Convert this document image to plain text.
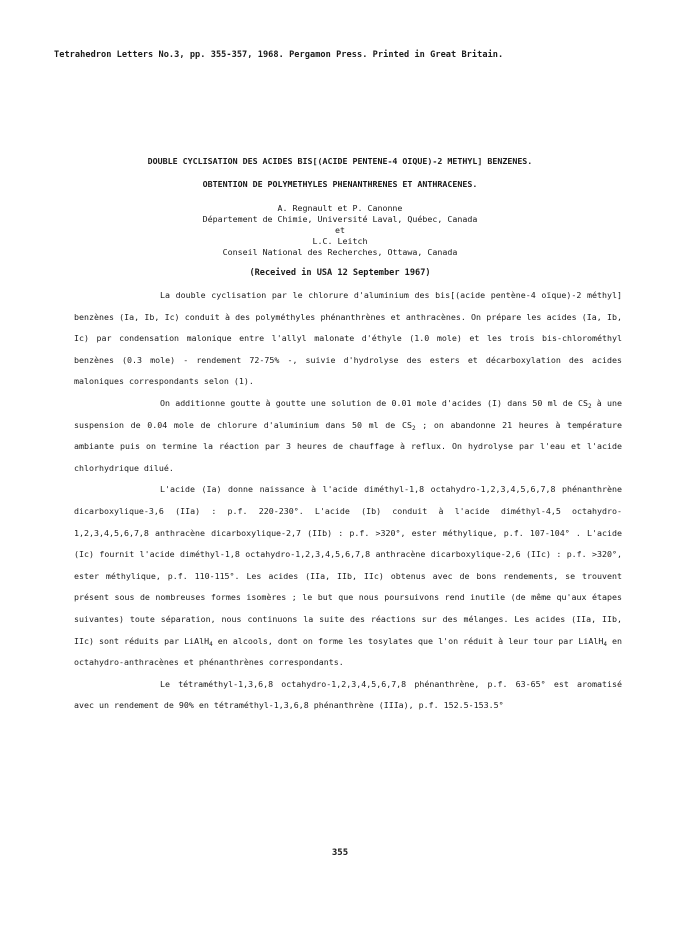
Tetrahedron Letters No.3, pp. 355-357, 1968. Pergamon Press. Printed in Great Britain.
DOUBLE CYCLISATION DES ACIDES BIS[(ACIDE PENTENE-4 OIQUE)-2 METHYL] BENZENES.
OBTENTION DE POLYMETHYLES PHENANTHRENES ET ANTHRACENES.
A. Regnault et P. Canonne
Département de Chimie, Université Laval, Québec, Canada
et
L.C. Leitch
Conseil National des Recherches, Ottawa, Canada
(Received in USA 12 September 1967)

La double cyclisation par le chlorure d'aluminium des bis[(acide pentène-4 oïque)-2 méthyl] benzènes (Ia, Ib, Ic) conduit à des polyméthyles phénanthrènes et anthracènes. On prépare les acides (Ia, Ib, Ic) par condensation malonique entre l'allyl malonate d'éthyle (1.0 mole) et les trois bis-chlorométhyl benzènes (0.3 mole) - rendement 72-75% -, suivie d'hydrolyse des esters et décarboxylation des acides maloniques correspondants selon (1).

On additionne goutte à goutte une solution de 0.01 mole d'acides (I) dans 50 ml de $CS_2$ à une suspension de 0.04 mole de chlorure d'aluminium dans 50 ml de $CS_2$ ; on abandonne 21 heures à température ambiante puis on termine la réaction par 3 heures de chauffage à reflux. On hydrolyse par l'eau et l'acide chlorhydrique dilué.

L'acide (Ia) donne naissance à l'acide diméthyl-1,8 octahydro-1,2,3,4,5,6,7,8 phénanthrène dicarboxylique-3,6 (IIa) : p.f. 220-230°. L'acide (Ib) conduit à l'acide diméthyl-4,5 octahydro-1,2,3,4,5,6,7,8 anthracène dicarboxylique-2,7 (IIb) : p.f. >320°, ester méthylique, p.f. 107-104° . L'acide (Ic) fournit l'acide diméthyl-1,8 octahydro-1,2,3,4,5,6,7,8 anthracène dicarboxylique-2,6 (IIc) : p.f. >320°, ester méthylique, p.f. 110-115°. Les acides (IIa, IIb, IIc) obtenus avec de bons rendements, se trouvent présent sous de nombreuses formes isomères ; le but que nous poursuivons rend inutile (de même qu'aux étapes suivantes) toute séparation, nous continuons la suite des réactions sur des mélanges. Les acides (IIa, IIb, IIc) sont réduits par LiAlH$_4$ en alcools, dont on forme les tosylates que l'on réduit à leur tour par LiAlH$_4$ en octahydro-anthracènes et phénanthrènes correspondants.

Le tétraméthyl-1,3,6,8 octahydro-1,2,3,4,5,6,7,8 phénanthrène, p.f. 63-65° est aromatisé avec un rendement de 90% en tétraméthyl-1,3,6,8 phénanthrène (IIIa), p.f. 152.5-153.5°

355
